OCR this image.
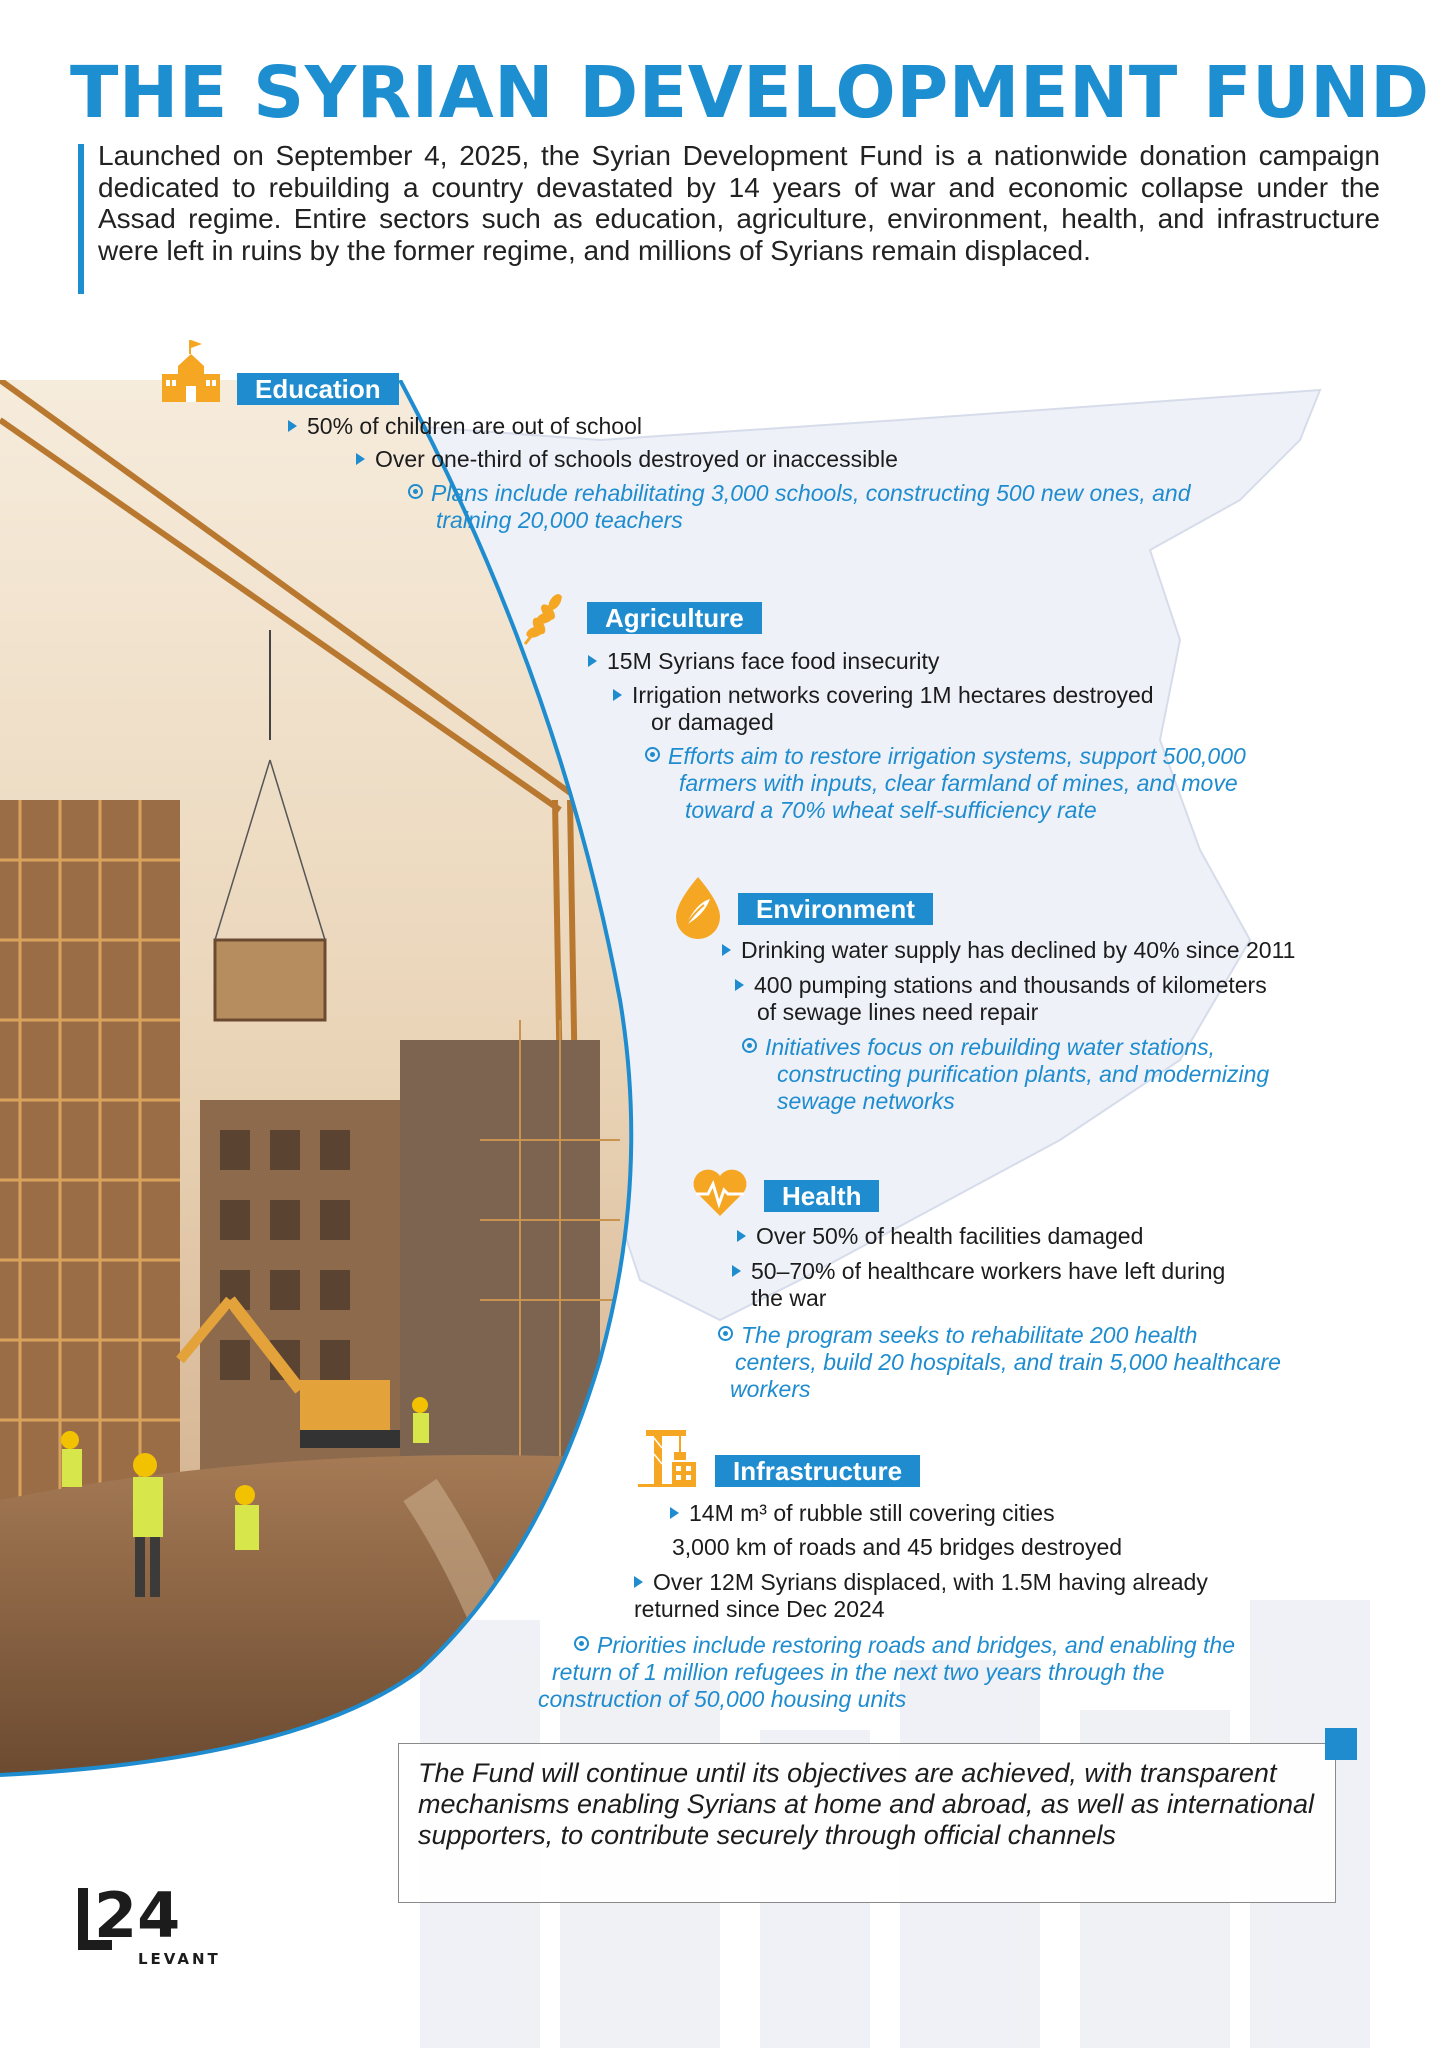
THE SYRIAN DEVELOPMENT FUND
Launched on September 4, 2025, the Syrian Development Fund is a nationwide donation campaign dedicated to rebuilding a country devastated by 14 years of war and economic collapse under the Assad regime. Entire sectors such as education, agriculture, environment, health, and infrastructure were left in ruins by the former regime, and millions of Syrians remain displaced.
Education
50% of children are out of school
Over one-third of schools destroyed or inaccessible
Plans include rehabilitating 3,000 schools, constructing 500 new ones, and
training 20,000 teachers
Agriculture
15M Syrians face food insecurity
Irrigation networks covering 1M hectares destroyed
or damaged
Efforts aim to restore irrigation systems, support 500,000
farmers with inputs, clear farmland of mines, and move
toward a 70% wheat self-sufficiency rate
Environment
Drinking water supply has declined by 40% since 2011
400 pumping stations and thousands of kilometers
of sewage lines need repair
Initiatives focus on rebuilding water stations,
constructing purification plants, and modernizing
sewage networks
Health
Over 50% of health facilities damaged
50–70% of healthcare workers have left during
the war
The program seeks to rehabilitate 200 health
centers, build 20 hospitals, and train 5,000 healthcare
workers
Infrastructure
14M m³ of rubble still covering cities
3,000 km of roads and 45 bridges destroyed
Over 12M Syrians displaced, with 1.5M having already
returned since Dec 2024
Priorities include restoring roads and bridges, and enabling the
return of 1 million refugees in the next two years through the
construction of 50,000 housing units
The Fund will continue until its objectives are achieved, with transparent mechanisms enabling Syrians at home and abroad, as well as international supporters, to contribute securely through official channels
24
LEVANT
